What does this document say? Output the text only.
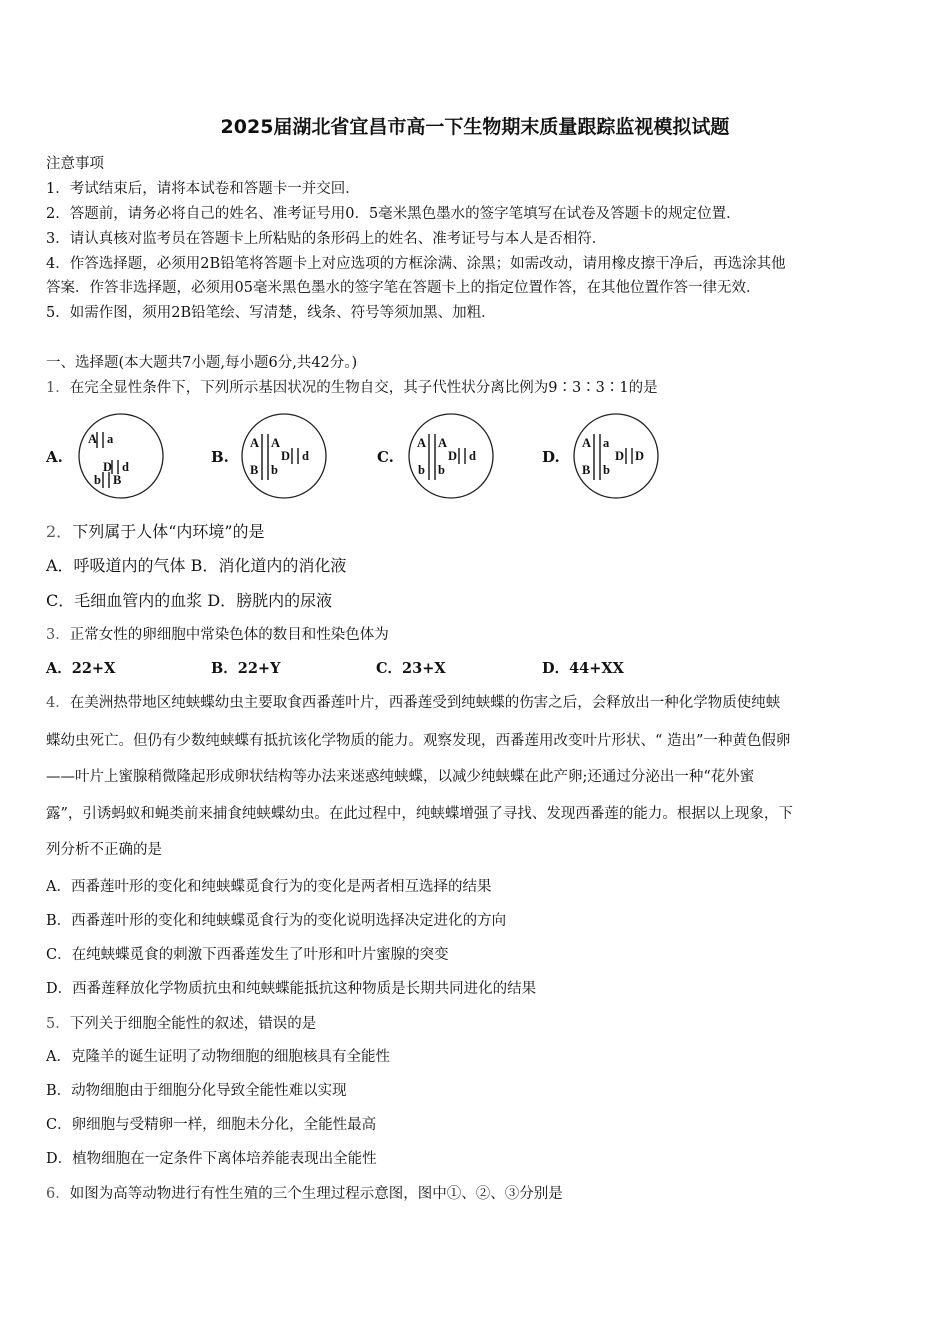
2025届湖北省宜昌市高一下生物期末质量跟踪监视模拟试题
注意事项
1．考试结束后，请将本试卷和答题卡一并交回．
2．答题前，请务必将自己的姓名、准考证号用0．5毫米黑色墨水的签字笔填写在试卷及答题卡的规定位置．
3．请认真核对监考员在答题卡上所粘贴的条形码上的姓名、准考证号与本人是否相符．
4．作答选择题，必须用2B铅笔将答题卡上对应选项的方框涂满、涂黑；如需改动，请用橡皮擦干净后，再选涂其他
答案．作答非选择题，必须用05毫米黑色墨水的签字笔在答题卡上的指定位置作答，在其他位置作答一律无效．
5．如需作图，须用2B铅笔绘、写清楚，线条、符号等须加黑、加粗．
一、选择题(本大题共7小题,每小题6分,共42分。)
1．在完全显性条件下，下列所示基因状况的生物自交，其子代性状分离比例为9∶3∶3∶1的是
A.
A a
D d
b B
B.
A A
D d
B b
C.
A A
D d
b b
D.
A a
D D
B b
2．下列属于人体“内环境”的是
A．呼吸道内的气体 B．消化道内的消化液
C．毛细血管内的血浆 D．膀胱内的尿液
3．正常女性的卵细胞中常染色体的数目和性染色体为
A．22+X	B．22+Y	C．23+X	D．44+XX
4．在美洲热带地区纯蛱蝶幼虫主要取食西番莲叶片，西番莲受到纯蛱蝶的伤害之后，会释放出一种化学物质使纯蛱
蝶幼虫死亡。但仍有少数纯蛱蝶有抵抗该化学物质的能力。观察发现，西番莲用改变叶片形状、“ 造出”一种黄色假卵
——叶片上蜜腺稍微隆起形成卵状结构等办法来迷惑纯蛱蝶，以减少纯蛱蝶在此产卵;还通过分泌出一种“花外蜜
露”，引诱蚂蚁和蝇类前来捕食纯蛱蝶幼虫。在此过程中，纯蛱蝶增强了寻找、发现西番莲的能力。根据以上现象，下
列分析不正确的是
A．西番莲叶形的变化和纯蛱蝶觅食行为的变化是两者相互选择的结果
B．西番莲叶形的变化和纯蛱蝶觅食行为的变化说明选择决定进化的方向
C．在纯蛱蝶觅食的刺激下西番莲发生了叶形和叶片蜜腺的突变
D．西番莲释放化学物质抗虫和纯蛱蝶能抵抗这种物质是长期共同进化的结果
5．下列关于细胞全能性的叙述，错误的是
A．克隆羊的诞生证明了动物细胞的细胞核具有全能性
B．动物细胞由于细胞分化导致全能性难以实现
C．卵细胞与受精卵一样，细胞未分化，全能性最高
D．植物细胞在一定条件下离体培养能表现出全能性
6．如图为高等动物进行有性生殖的三个生理过程示意图，图中①、②、③分别是
